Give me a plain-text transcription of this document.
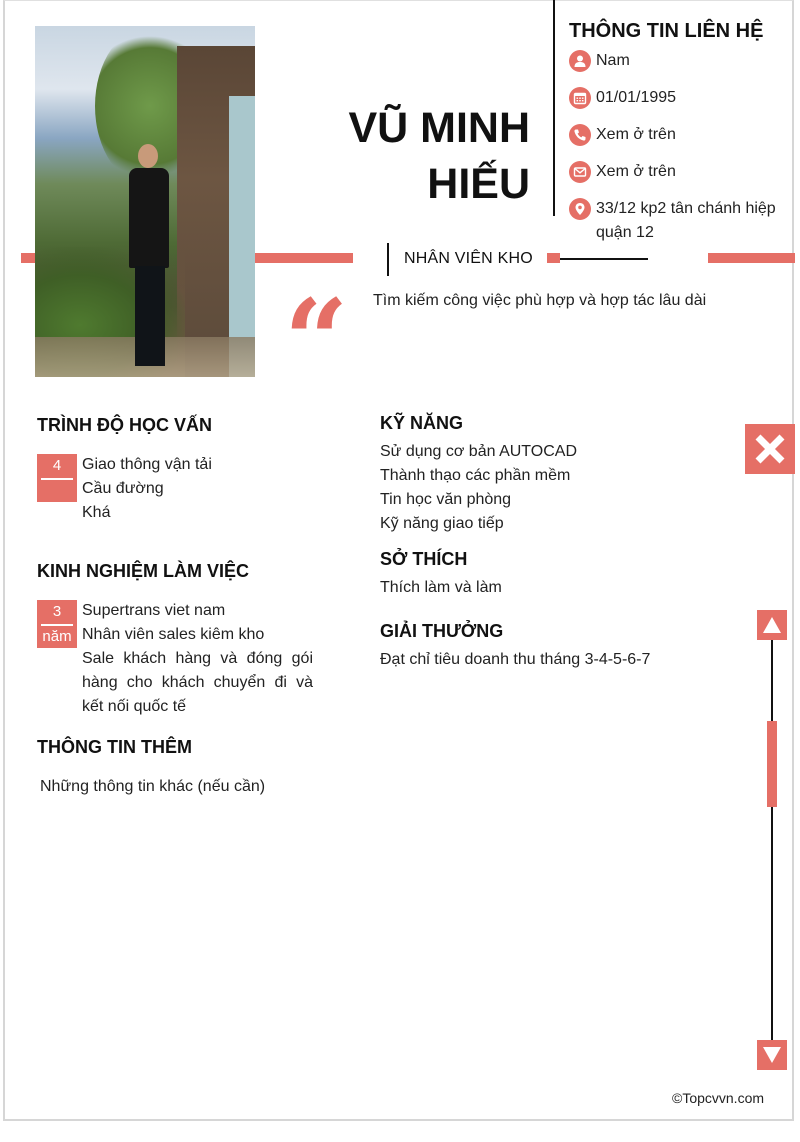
VŨ MINH
HIẾU
THÔNG TIN LIÊN HỆ
Nam
01/01/1995
Xem ở trên
Xem ở trên
33/12 kp2 tân chánh hiệp quận 12
NHÂN VIÊN KHO
“ Tìm kiếm công việc phù hợp và hợp tác lâu dài
TRÌNH ĐỘ HỌC VẤN
4	Giao thông vận tải
Cầu đường
Khá
KINH NGHIỆM LÀM VIỆC
3
năm
Supertrans viet nam
Nhân viên sales kiêm kho
Sale khách hàng và đóng gói hàng cho khách chuyển đi và kết nối quốc tế
THÔNG TIN THÊM
Những thông tin khác (nếu cần)
KỸ NĂNG
Sử dụng cơ bản AUTOCAD
Thành thạo các phần mềm
Tin học văn phòng
Kỹ năng giao tiếp
SỞ THÍCH
Thích làm và làm
GIẢI THƯỞNG
Đạt chỉ tiêu doanh thu tháng 3-4-5-6-7
©Topcvvn.com
